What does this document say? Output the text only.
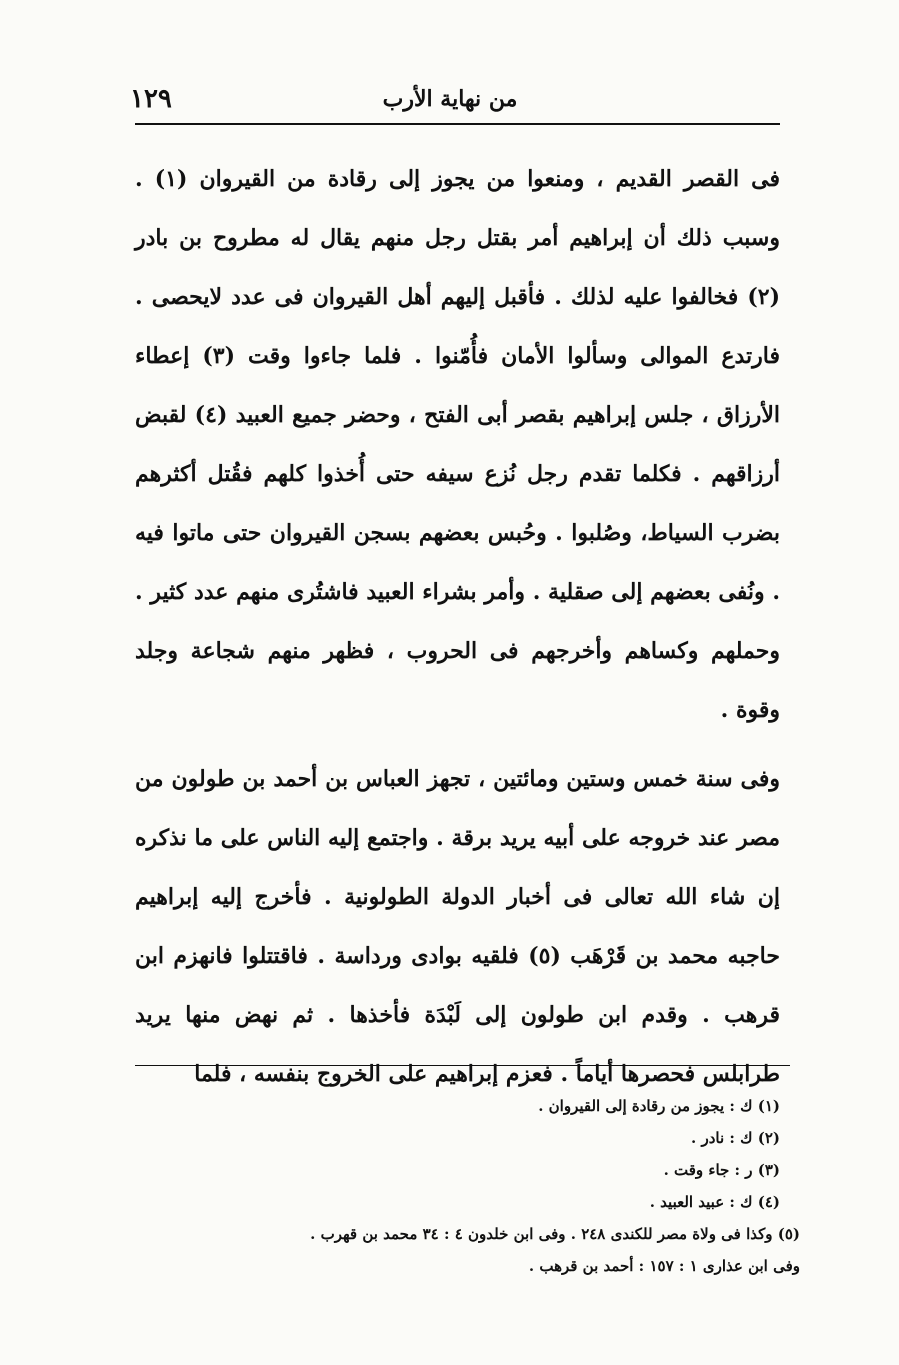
١٢٩	من نهاية الأرب

فى القصر القديم ، ومنعوا من يجوز إلى رقادة من القيروان (١) . وسبب ذلك أن إبراهيم أمر بقتل رجل منهم يقال له مطروح بن بادر (٢) فخالفوا عليه لذلك . فأقبل إليهم أهل القيروان فى عدد لايحصى . فارتدع الموالى وسألوا الأمان فأُمّنوا . فلما جاءوا وقت (٣) إعطاء الأرزاق ، جلس إبراهيم بقصر أبى الفتح ، وحضر جميع العبيد (٤) لقبض أرزاقهم . فكلما تقدم رجل نُزع سيفه حتى أُخذوا كلهم فقُتل أكثرهم بضرب السياط، وصُلبوا . وحُبس بعضهم بسجن القيروان حتى ماتوا فيه . ونُفى بعضهم إلى صقلية . وأمر بشراء العبيد فاشتُرى منهم عدد كثير . وحملهم وكساهم وأخرجهم فى الحروب ، فظهر منهم شجاعة وجلد وقوة .

وفى سنة خمس وستين ومائتين ، تجهز العباس بن أحمد بن طولون من مصر عند خروجه على أبيه يريد برقة . واجتمع إليه الناس على ما نذكره إن شاء الله تعالى فى أخبار الدولة الطولونية . فأخرج إليه إبراهيم حاجبه محمد بن قَرْهَب (٥) فلقيه بوادى ورداسة . فاقتتلوا فانهزم ابن قرهب . وقدم ابن طولون إلى لَبْدَة فأخذها . ثم نهض منها يريد طرابلس فحصرها أياماً . فعزم إبراهيم على الخروج بنفسه ، فلما

(١) ك : يجوز من رقادة إلى القيروان .
(٢) ك : نادر .
(٣) ر : جاء وقت .
(٤) ك : عبيد العبيد .
(٥) وكذا فى ولاة مصر للكندى ٢٤٨ . وفى ابن خلدون ٤ : ٣٤ محمد بن قهرب .
وفى ابن عذارى ١ : ١٥٧ : أحمد بن قرهب .
